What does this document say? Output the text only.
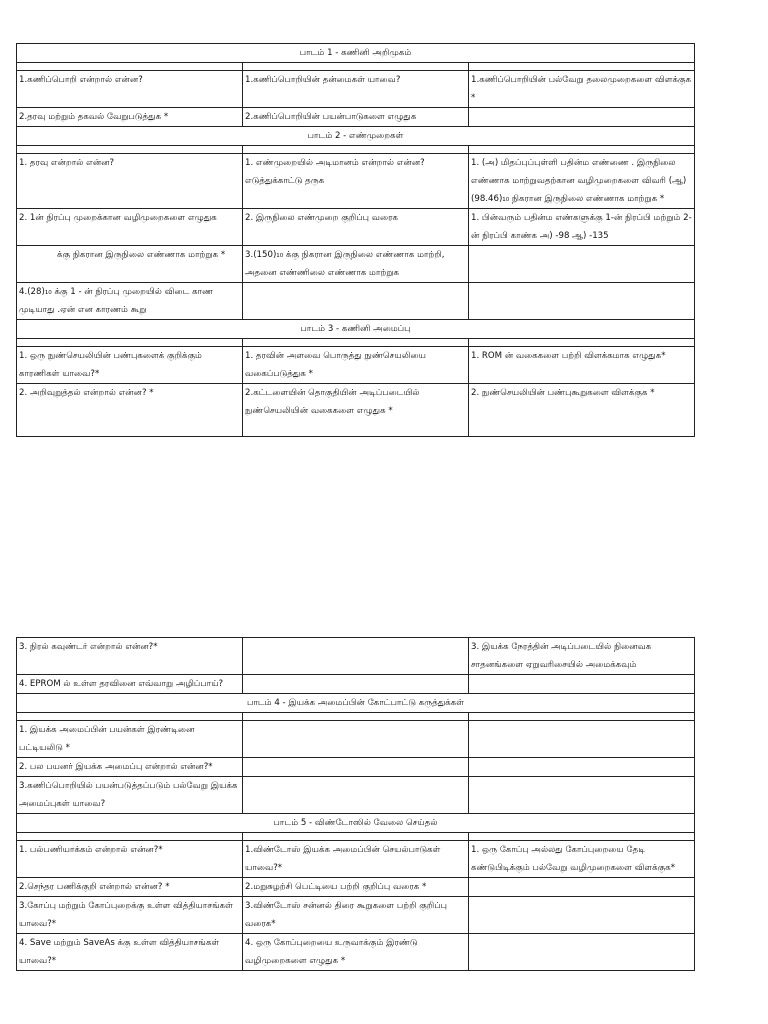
பாடம் 1 - கணினி அறிமுகம்		

1.கணிப்பொறி என்றால் என்ன?	1.கணிப்பொறியின் தன்மைகள் யாவை?	1.கணிப்பொறியின் பல்வேறு தலைமுறைகளை விளக்குக *
2.தரவு மற்றும் தகவல் வேறுபடுத்துக *	2.கணிப்பொறியின் பயன்பாடுகளை எழுதுக	
பாடம் 2 - எண்முறைகள்		

1. தரவு என்றால் என்ன?	1. எண்முறையில் அடிமானம் என்றால் என்ன? எடுத்துக்காட்டு தருக	1. (அ) மிதப்புப்புள்ளி பதின்ம எண்ணை . இருநிலை எண்ணாக மாற்றுவதற்கான வழிமுறைகளை விவரி (ஆ) (98.46)₁₀ நிகரான இருநிலை எண்ணாக மாற்றுக *
2. 1ன் நிரப்பு முறைக்கான வழிமுறைகளை எழுதுக	2. இருநிலை எண்முறை குறிப்பு வரைக	1. பின்வரும் பதின்ம எண்களுக்கு 1-ன் நிரப்பி மற்றும் 2-ன் நிரப்பி காண்க அ) -98 ஆ) -135
க்கு நிகரான இருநிலை எண்ணாக மாற்றுக *	3.(150)₁₀ க்கு நிகரான இருநிலை எண்ணாக மாற்றி, அதனை எண்ணிலை எண்ணாக மாற்றுக	
4.(28)₁₀ க்கு 1 - ன் நிரப்பு முறையில் விடை காண முடியாது .ஏன் என காரணம் கூறு		
பாடம் 3 - கணினி அமைப்பு		

1. ஒரு நுண்செயலியின் பண்புகளைக் குறிக்கும் காரணிகள் யாவை?*	1. தரவின் அளவை பொருத்து நுண்செயலியை வகைப்படுத்துக *	1. ROM ன் வகைகளை பற்றி விளக்கமாக எழுதுக*
2. அறிவுறுத்தல் என்றால் என்ன? *	2.கட்டளையின் தொகுதியின் அடிப்படையில் நுண்செயலியின் வகைகளை எழுதுக *	2. நுண்செயலியின் பண்புகூறுகளை விளக்குக *
3. நிரல் கவுண்டர் என்றால் என்ன?*		3. இயக்க நேரத்தின் அடிப்படையில் நினைவக சாதனங்களை ஏறுவரிசையில் அமைக்கவும்
4. EPROM ல் உள்ள தரவினை எவ்வாறு அழிப்பாய்?		
பாடம் 4 - இயக்க அமைப்பின் கோட்பாட்டு கருத்துக்கள்		

1. இயக்க அமைப்பின் பயன்கள் இரண்டினை பட்டியலிடு *		
2. பல பயனர் இயக்க அமைப்பு என்றால் என்ன?*		
3.கணிப்பொறியில் பயன்படுத்தப்படும் பல்வேறு இயக்க அமைப்புகள் யாவை?		
பாடம் 5 - விண்டோஸில் வேலை செய்தல்		

1. பல்பணியாக்கம் என்றால் என்ன?*	1.விண்டோஸ் இயக்க அமைப்பின் செயல்பாடுகள் யாவை?*	1. ஒரு கோப்பு அல்லது கோப்புறையை தேடி கண்டுபிடிக்கும் பல்வேறு வழிமுறைகளை விளக்குக*
2.செந்தர பணிக்குறி என்றால் என்ன? *	2.மறுசுழற்சி பெட்டியை பற்றி குறிப்பு வரைக *	
3.கோப்பு மற்றும் கோப்புறைக்கு உள்ள வித்தியாசங்கள் யாவை?*	3.விண்டோஸ் சன்னல் திரை கூறுகளை பற்றி குறிப்பு வரைக*	
4. Save மற்றும் SaveAs க்கு உள்ள வித்தியாசங்கள் யாவை?*	4. ஒரு கோப்புறையை உருவாக்கும் இரண்டு வழிமுறைகளை எழுதுக *	
